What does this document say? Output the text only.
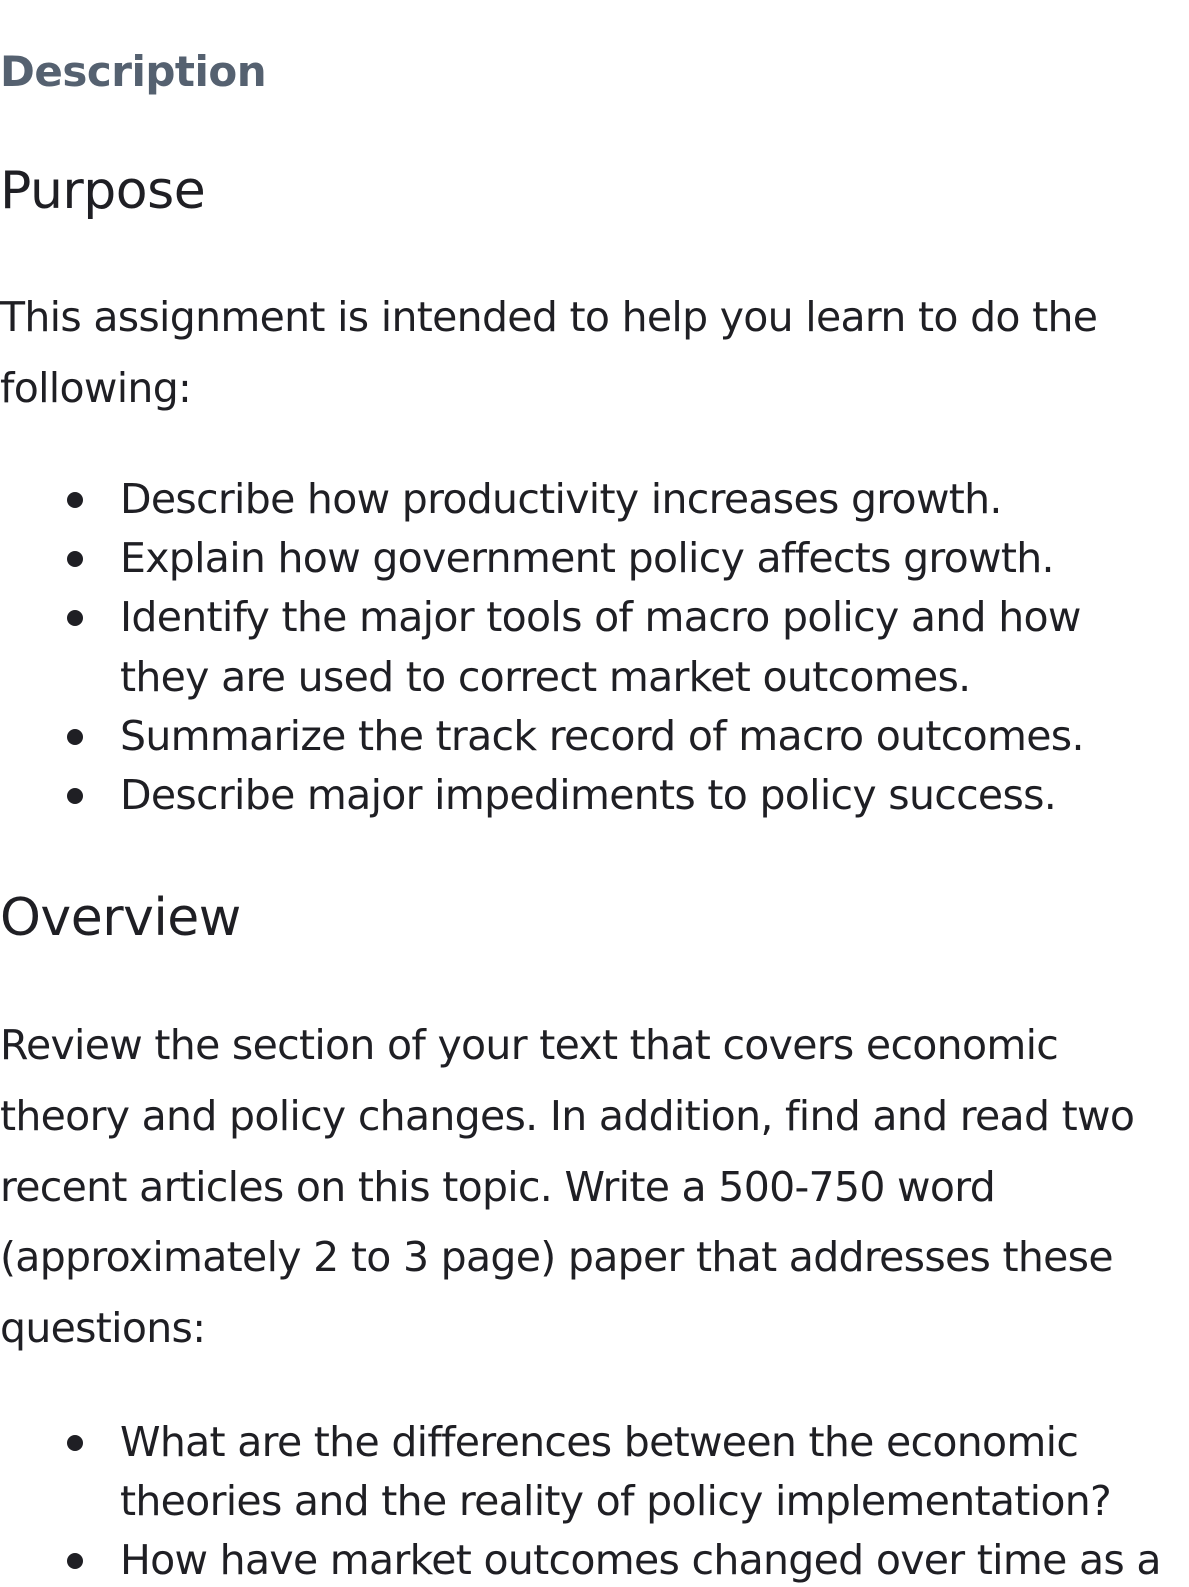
Description
Purpose

This assignment is intended to help you learn to do the following:

Describe how productivity increases growth.
Explain how government policy affects growth.
Identify the major tools of macro policy and how they are used to correct market outcomes.
Summarize the track record of macro outcomes.
Describe major impediments to policy success.
Overview

Review the section of your text that covers economic theory and policy changes. In addition, find and read two recent articles on this topic. Write a 500-750 word (approximately 2 to 3 page) paper that addresses these questions:

What are the differences between the economic theories and the reality of policy implementation?
How have market outcomes changed over time as a
